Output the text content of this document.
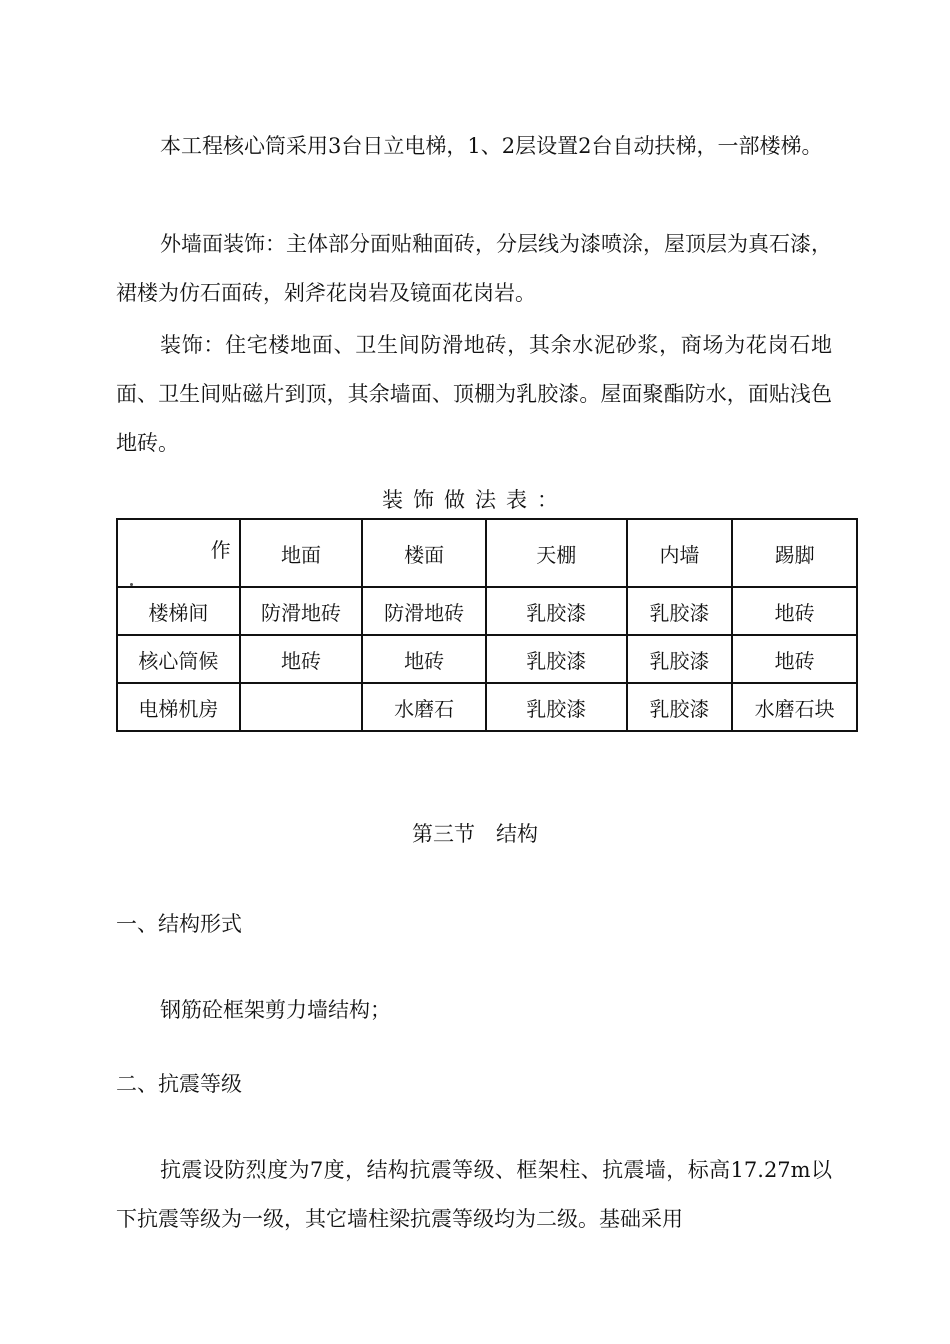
本工程核心筒采用3台日立电梯，1、2层设置2台自动扶梯，一部楼梯。

外墙面装饰：主体部分面贴釉面砖，分层线为漆喷涂，屋顶层为真石漆，裙楼为仿石面砖，剁斧花岗岩及镜面花岗岩。

装饰：住宅楼地面、卫生间防滑地砖，其余水泥砂浆，商场为花岗石地面、卫生间贴磁片到顶，其余墙面、顶棚为乳胶漆。屋面聚酯防水，面贴浅色地砖。

装饰做法表：

作	地面	楼面	天棚	内墙	踢脚
楼梯间	防滑地砖	防滑地砖	乳胶漆	乳胶漆	地砖
核心筒候	地砖	地砖	乳胶漆	乳胶漆	地砖
电梯机房		水磨石	乳胶漆	乳胶漆	水磨石块

第三节　结构

一、结构形式

钢筋砼框架剪力墙结构；

二、抗震等级

抗震设防烈度为7度，结构抗震等级、框架柱、抗震墙，标高17.27m以下抗震等级为一级，其它墙柱梁抗震等级均为二级。基础采用
